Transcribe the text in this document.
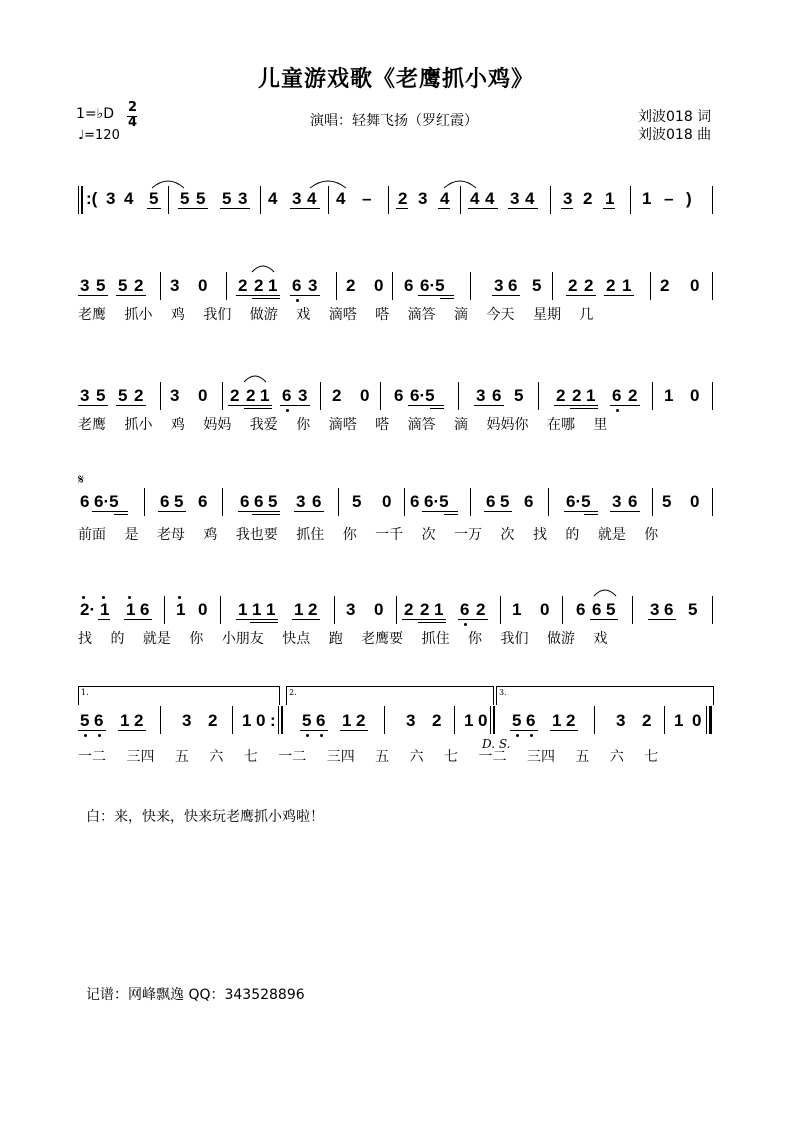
儿童游戏歌《老鹰抓小鸡》
1=♭D 2
4
♩=120
演唱：轻舞飞扬（罗红霞）	刘波018 词
刘波018 曲
:( 3 4 5 5 5 5 3 4 3 4 4 – 2 3 4 4 4 3 4 3 2 1 1 – )
3 5 5 2 3 0 2 2 1 6 3 2 0 6 6·5	3 6 5 2 2 2 1 2 0
老鹰 抓小 鸡 我们 做游 戏 滴嗒 嗒 滴答 滴 今天 星期 几
3 5 5 2 3 0 2 2 1 6 3 2 0 6 6·5 3 6 5 2 2 1 6 2 1 0
老鹰 抓小 鸡 妈妈 我爱 你 滴嗒 嗒 滴答 滴 妈妈你 在哪 里
𝄋
6 6·5 6 5 6 6 6 5 3 6 5 0 6 6·5 6 5 6 6·5 3 6 5 0
前面 是 老母 鸡 我也要 抓住 你 一千 次 一万 次 找 的 就是 你
2· 1 1 6 1 0 1 1 1 1 2 3 0 2 2 1 6 2 1 0 6 6 5 3 6 5
找 的 就是 你 小朋友 快点 跑 老鹰要 抓住 你 我们 做游 戏
1.	2.	3.
5 6 1 2 3 2 1 0 : 5 6 1 2 3 2 1 0 5 6 1 2 3 2 1 0
D. S.
一二 三四 五 六 七 一二 三四 五 六 七 一二 三四 五 六 七
白：来，快来，快来玩老鹰抓小鸡啦！
记谱：网峰飘逸 QQ：343528896
